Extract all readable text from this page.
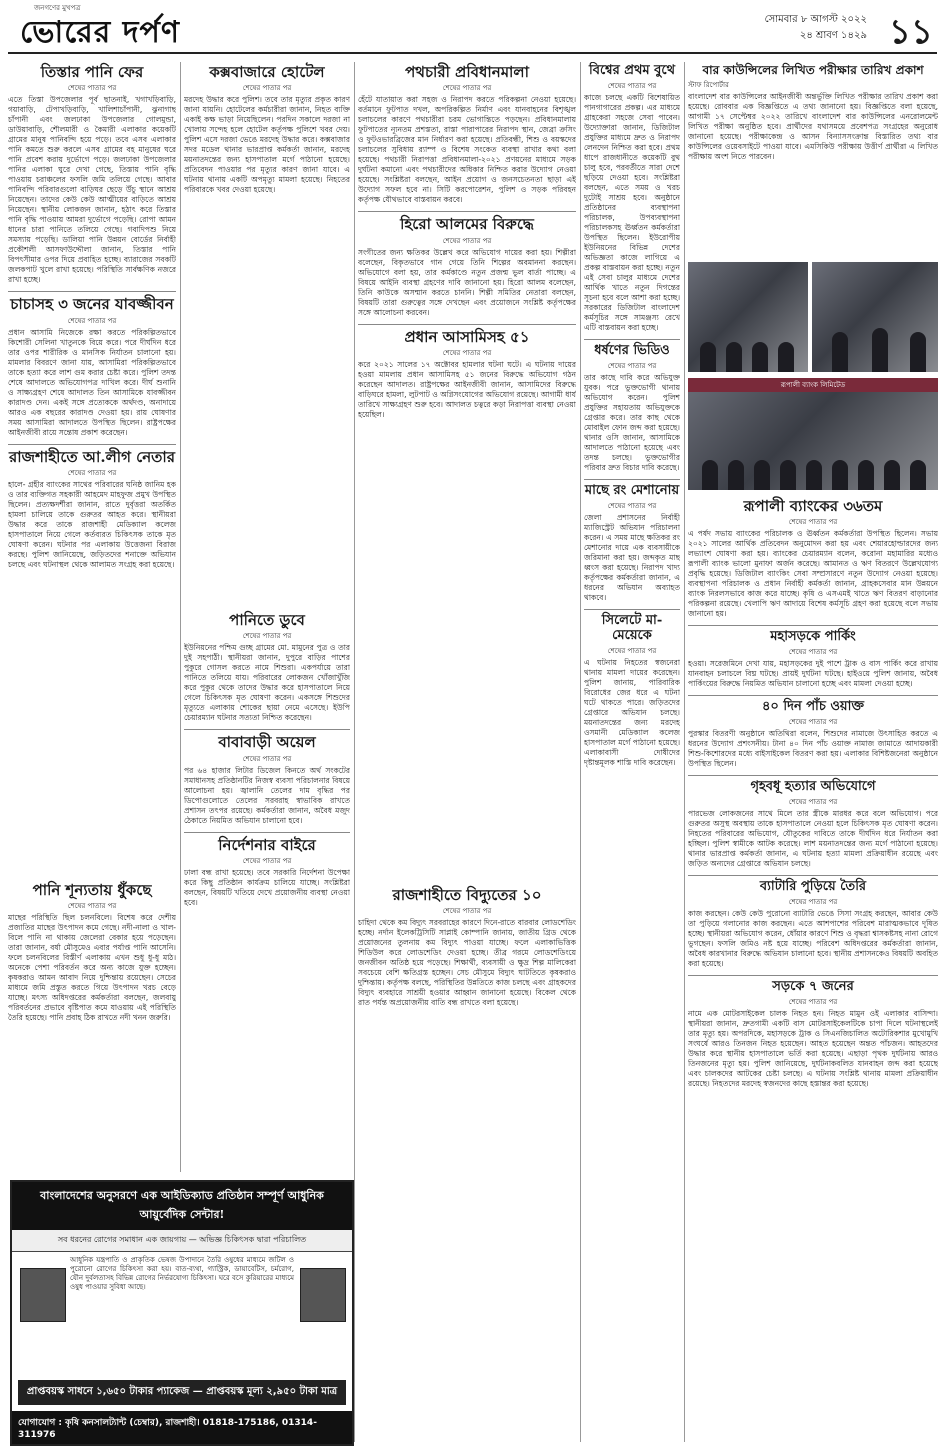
জনগণের মুখপত্র
ভোরের দর্পণ	সোমবার ৮ আগস্ট ২০২২
২৪ শ্রাবণ ১৪২৯ ১১
তিস্তার পানি ফের
শেষের পাতার পর
এতে তিস্তা উপজেলার পূর্ব ছাতনাই, খগাখড়িবাড়ি, গয়াবাড়ি, টেপাখড়িবাড়ি, খালিশাচাঁপানী, ঝুনাগাছ চাঁপানী এবং জলঢাকা উপজেলার গোলমুন্ডা, ডাউয়াবাড়ি, শৌলমারী ও কৈমারী এলাকার কয়েকটি গ্রামের মানুষ পানিবন্দি হয়ে পড়ে। তবে এসব এলাকার পানি কমতে শুরু করলে এসব গ্রামের বহ মানুষের ঘরে পানি প্রবেশ করায় দুর্ভোগে পড়ে। জলঢাকা উপজেলার পানির এলাকা ঘুরে দেখা গেছে, তিস্তায় পানি বৃদ্ধি পাওয়ায় চরাঞ্চলের ফসলি জমি তলিয়ে গেছে। আবার পানিবন্দি পরিবারগুলো বাড়িঘর ছেড়ে উঁচু স্থানে আশ্রয় নিয়েছেন। তাদের কেউ কেউ আত্মীয়ের বাড়িতে আশ্রয় নিয়েছেন। স্থানীয় লোকজন জানান, হঠাৎ করে তিস্তার পানি বৃদ্ধি পাওয়ায় আমরা দুর্ভোগে পড়েছি। রোপা আমন ধানের চারা পানিতে তলিয়ে গেছে। গবাদিপশু নিয়ে সমস্যায় পড়েছি। ডালিয়া পানি উন্নয়ন বোর্ডের নির্বাহী প্রকৌশলী আসফাউদ্দৌলা জানান, তিস্তার পানি বিপৎসীমার ওপর দিয়ে প্রবাহিত হচ্ছে। ব্যারাজের সবকটি জলকপাট খুলে রাখা হয়েছে। পরিস্থিতি সার্বক্ষণিক নজরে রাখা হচ্ছে।
চাচাসহ ৩ জনের যাবজ্জীবন
শেষের পাতার পর
প্রধান আসামি নিজেকে রক্ষা করতে পরিকল্পিতভাবে কিশোরী সেলিনা খাতুনকে বিয়ে করে। পরে দীর্ঘদিন ধরে তার ওপর শারীরিক ও মানসিক নির্যাতন চালানো হয়। মামলার বিবরণে জানা যায়, আসামিরা পরিকল্পিতভাবে তাকে হত্যা করে লাশ গুম করার চেষ্টা করে। পুলিশ তদন্ত শেষে আদালতে অভিযোগপত্র দাখিল করে। দীর্ঘ শুনানি ও সাক্ষ্যগ্রহণ শেষে আদালত তিন আসামিকে যাবজ্জীবন কারাদণ্ড দেন। একই সঙ্গে প্রত্যেককে অর্থদণ্ড, অনাদায়ে আরও এক বছরের কারাদণ্ড দেওয়া হয়। রায় ঘোষণার সময় আসামিরা আদালতে উপস্থিত ছিলেন। রাষ্ট্রপক্ষের আইনজীবী রায়ে সন্তোষ প্রকাশ করেছেন।
রাজশাহীতে আ.লীগ নেতার
শেষের পাতার পর
হালে- গ্রহীর ব্যাংকের সাথের পরিবারের ঘনিষ্ঠ জানিম হক ও তার ব্যক্তিগত সহকারী আহমেদ মাহফুজ প্রমুখ উপস্থিত ছিলেন। প্রত্যক্ষদর্শীরা জানান, রাতে দুর্বৃত্তরা অতর্কিত হামলা চালিয়ে তাকে গুরুতর আহত করে। স্থানীয়রা উদ্ধার করে তাকে রাজশাহী মেডিক্যাল কলেজ হাসপাতালে নিয়ে গেলে কর্তব্যরত চিকিৎসক তাকে মৃত ঘোষণা করেন। ঘটনার পর এলাকায় উত্তেজনা বিরাজ করছে। পুলিশ জানিয়েছে, জড়িতদের শনাক্তে অভিযান চলছে এবং ঘটনাস্থল থেকে আলামত সংগ্রহ করা হয়েছে।
কক্সবাজারে হোটেল
শেষের পাতার পর
মরদেহ উদ্ধার করে পুলিশ। তবে তার মৃত্যুর প্রকৃত কারণ জানা যায়নি। হোটেলের কর্মচারীরা জানান, নিহত ব্যক্তি একাই কক্ষ ভাড়া নিয়েছিলেন। পরদিন সকালে দরজা না খোলায় সন্দেহ হলে হোটেল কর্তৃপক্ষ পুলিশে খবর দেয়। পুলিশ এসে দরজা ভেঙে মরদেহ উদ্ধার করে। কক্সবাজার সদর মডেল থানার ভারপ্রাপ্ত কর্মকর্তা জানান, মরদেহ ময়নাতদন্তের জন্য হাসপাতাল মর্গে পাঠানো হয়েছে। প্রতিবেদন পাওয়ার পর মৃত্যুর কারণ জানা যাবে। এ ঘটনায় থানায় একটি অপমৃত্যু মামলা হয়েছে। নিহতের পরিবারকে খবর দেওয়া হয়েছে।
পানিতে ডুবে
শেষের পাতার পর
ইউনিয়নের পশ্চিম গুচ্ছ গ্রামের মো. মামুনের পুত্র ও তার দুই সহপাঠী। স্থানীয়রা জানান, দুপুরে বাড়ির পাশের পুকুরে গোসল করতে নামে শিশুরা। একপর্যায়ে তারা পানিতে তলিয়ে যায়। পরিবারের লোকজন খোঁজাখুঁজি করে পুকুর থেকে তাদের উদ্ধার করে হাসপাতালে নিয়ে গেলে চিকিৎসক মৃত ঘোষণা করেন। একসঙ্গে শিশুদের মৃত্যুতে এলাকায় শোকের ছায়া নেমে এসেছে। ইউপি চেয়ারম্যান ঘটনার সত্যতা নিশ্চিত করেছেন।
বাবাবাড়ী অয়েল
শেষের পাতার পর
পর ৬৪ হাজার লিটার ডিজেল কিনতে অর্থ সংকটের সমাধানসহ প্রতিষ্ঠানটির নিজস্ব ব্যবসা পরিচালনার বিষয়ে আলোচনা হয়। জ্বালানি তেলের দাম বৃদ্ধির পর ডিপোগুলোতে তেলের সরবরাহ স্বাভাবিক রাখতে প্রশাসন তৎপর রয়েছে। কর্মকর্তারা জানান, অবৈধ মজুদ ঠেকাতে নিয়মিত অভিযান চালানো হবে।
নির্দেশনার বাইরে
শেষের পাতার পর
ঢালা বন্ধ রাখা হয়েছে। তবে সরকারি নির্দেশনা উপেক্ষা করে কিছু প্রতিষ্ঠান কার্যক্রম চালিয়ে যাচ্ছে। সংশ্লিষ্টরা বলছেন, বিষয়টি খতিয়ে দেখে প্রয়োজনীয় ব্যবস্থা নেওয়া হবে।
পথচারী প্রবিধানমালা
শেষের পাতার পর
হেঁটে যাতায়াত করা সহজ ও নিরাপদ করতে পরিকল্পনা নেওয়া হয়েছে। বর্তমানে ফুটপাত দখল, অপরিকল্পিত নির্মাণ এবং যানবাহনের বিশৃঙ্খল চলাচলের কারণে পথচারীরা চরম ভোগান্তিতে পড়ছেন। প্রবিধানমালায় ফুটপাতের ন্যূনতম প্রশস্ততা, রাস্তা পারাপারের নিরাপদ স্থান, জেব্রা ক্রসিং ও ফুটওভারব্রিজের মান নির্ধারণ করা হয়েছে। প্রতিবন্ধী, শিশু ও বয়স্কদের চলাচলের সুবিধায় র‍্যাম্প ও বিশেষ সংকেত ব্যবস্থা রাখার কথা বলা হয়েছে। পথচারী নিরাপত্তা প্রবিধানমালা-২০২১ প্রণয়নের মাধ্যমে সড়ক দুর্ঘটনা কমানো এবং পথচারীদের অধিকার নিশ্চিত করার উদ্যোগ নেওয়া হয়েছে। সংশ্লিষ্টরা বলছেন, আইন প্রয়োগ ও জনসচেতনতা ছাড়া এই উদ্যোগ সফল হবে না। সিটি করপোরেশন, পুলিশ ও সড়ক পরিবহন কর্তৃপক্ষ যৌথভাবে বাস্তবায়ন করবে।
হিরো আলমের বিরুদ্ধে
শেষের পাতার পর
সংগীতের জন্য ক্ষতিকর উল্লেখ করে অভিযোগ দায়ের করা হয়। শিল্পীরা বলেছেন, বিকৃতভাবে গান গেয়ে তিনি শিল্পের অবমাননা করছেন। অভিযোগে বলা হয়, তার কর্মকাণ্ডে নতুন প্রজন্ম ভুল বার্তা পাচ্ছে। এ বিষয়ে আইনি ব্যবস্থা গ্রহণের দাবি জানানো হয়। হিরো আলম বলেছেন, তিনি কাউকে অসম্মান করতে চাননি। শিল্পী সমিতির নেতারা বলছেন, বিষয়টি তারা গুরুত্বের সঙ্গে দেখছেন এবং প্রয়োজনে সংশ্লিষ্ট কর্তৃপক্ষের সঙ্গে আলোচনা করবেন।
প্রধান আসামিসহ ৫১
শেষের পাতার পর
করে ২০২১ সালের ১৭ অক্টোবর হামলার ঘটনা ঘটে। এ ঘটনায় দায়ের হওয়া মামলায় প্রধান আসামিসহ ৫১ জনের বিরুদ্ধে অভিযোগ গঠন করেছেন আদালত। রাষ্ট্রপক্ষের আইনজীবী জানান, আসামিদের বিরুদ্ধে বাড়িঘরে হামলা, লুটপাট ও অগ্নিসংযোগের অভিযোগ রয়েছে। আগামী ধার্য তারিখে সাক্ষ্যগ্রহণ শুরু হবে। আদালত চত্বরে কড়া নিরাপত্তা ব্যবস্থা নেওয়া হয়েছিল।
রাজশাহীতে বিদ্যুতের ১০
শেষের পাতার পর
চাহিদা থেকে কম বিদ্যুৎ সরবরাহের কারণে দিনে-রাতে বারবার লোডশেডিং হচ্ছে। নর্দান ইলেকট্রিসিটি সাপ্লাই কোম্পানি জানায়, জাতীয় গ্রিড থেকে প্রয়োজনের তুলনায় কম বিদ্যুৎ পাওয়া যাচ্ছে। ফলে এলাকাভিত্তিক শিডিউল করে লোডশেডিং দেওয়া হচ্ছে। তীব্র গরমে লোডশেডিংয়ে জনজীবন অতিষ্ঠ হয়ে পড়েছে। শিক্ষার্থী, ব্যবসায়ী ও ক্ষুদ্র শিল্প মালিকেরা সবচেয়ে বেশি ক্ষতিগ্রস্ত হচ্ছেন। সেচ মৌসুমে বিদ্যুৎ ঘাটতিতে কৃষকরাও দুশ্চিন্তায়। কর্তৃপক্ষ বলছে, পরিস্থিতির উন্নতিতে কাজ চলছে এবং গ্রাহকদের বিদ্যুৎ ব্যবহারে সাশ্রয়ী হওয়ার আহ্বান জানানো হয়েছে। বিকেল থেকে রাত পর্যন্ত অপ্রয়োজনীয় বাতি বন্ধ রাখতে বলা হয়েছে।
বিশ্বের প্রথম বুথে
শেষের পাতার পর
কাজে চলছে একটি বিশেষায়িত পানগাগারের প্রকল্প। এর মাধ্যমে গ্রাহকেরা সহজে সেবা পাবেন। উদ্যোক্তারা জানান, ডিজিটাল প্রযুক্তির মাধ্যমে দ্রুত ও নিরাপদ লেনদেন নিশ্চিত করা হবে। প্রথম ধাপে রাজধানীতে কয়েকটি বুথ চালু হবে, পরবর্তীতে সারা দেশে ছড়িয়ে দেওয়া হবে। সংশ্লিষ্টরা বলছেন, এতে সময় ও খরচ দুটোই সাশ্রয় হবে। অনুষ্ঠানে প্রতিষ্ঠানের ব্যবস্থাপনা পরিচালক, উপব্যবস্থাপনা পরিচালকসহ ঊর্ধ্বতন কর্মকর্তারা উপস্থিত ছিলেন। ইউরোপীয় ইউনিয়নের বিভিন্ন দেশের অভিজ্ঞতা কাজে লাগিয়ে এ প্রকল্প বাস্তবায়ন করা হচ্ছে। নতুন এই সেবা চালুর মাধ্যমে দেশের আর্থিক খাতে নতুন দিগন্তের সূচনা হবে বলে আশা করা হচ্ছে। সরকারের ডিজিটাল বাংলাদেশ কর্মসূচির সঙ্গে সামঞ্জস্য রেখে এটি বাস্তবায়ন করা হচ্ছে।
ধর্ষণের ভিডিও
শেষের পাতার পর
তার কাছে দাবি করে অভিযুক্ত যুবক। পরে ভুক্তভোগী থানায় অভিযোগ করেন। পুলিশ প্রযুক্তির সহায়তায় অভিযুক্তকে গ্রেপ্তার করে। তার কাছ থেকে মোবাইল ফোন জব্দ করা হয়েছে। থানার ওসি জানান, আসামিকে আদালতে পাঠানো হয়েছে এবং তদন্ত চলছে। ভুক্তভোগীর পরিবার দ্রুত বিচার দাবি করেছে।
মাছে রং মেশানোয়
শেষের পাতার পর
জেলা প্রশাসনের নির্বাহী ম্যাজিস্ট্রেট অভিযান পরিচালনা করেন। এ সময় মাছে ক্ষতিকর রং মেশানোর দায়ে এক ব্যবসায়ীকে জরিমানা করা হয়। জব্দকৃত মাছ ধ্বংস করা হয়েছে। নিরাপদ খাদ্য কর্তৃপক্ষের কর্মকর্তারা জানান, এ ধরনের অভিযান অব্যাহত থাকবে।
সিলেটে মা-মেয়েকে
শেষের পাতার পর
এ ঘটনায় নিহতের স্বজনেরা থানায় মামলা দায়ের করেছেন। পুলিশ জানায়, পারিবারিক বিরোধের জের ধরে এ ঘটনা ঘটে থাকতে পারে। জড়িতদের গ্রেপ্তারে অভিযান চলছে। ময়নাতদন্তের জন্য মরদেহ ওসমানী মেডিক্যাল কলেজ হাসপাতাল মর্গে পাঠানো হয়েছে। এলাকাবাসী দোষীদের দৃষ্টান্তমূলক শাস্তি দাবি করেছেন।
বার কাউন্সিলের লিখিত পরীক্ষার তারিখ প্রকাশ
স্টাফ রিপোর্টার
বাংলাদেশ বার কাউন্সিলের আইনজীবী অন্তর্ভুক্তি লিখিত পরীক্ষার তারিখ প্রকাশ করা হয়েছে। রোববার এক বিজ্ঞপ্তিতে এ তথ্য জানানো হয়। বিজ্ঞপ্তিতে বলা হয়েছে, আগামী ১৭ সেপ্টেম্বর ২০২২ তারিখে বাংলাদেশ বার কাউন্সিলের এনরোলমেন্ট লিখিত পরীক্ষা অনুষ্ঠিত হবে। প্রার্থীদের যথাসময়ে প্রবেশপত্র সংগ্রহের অনুরোধ জানানো হয়েছে। পরীক্ষাকেন্দ্র ও আসন বিন্যাসসংক্রান্ত বিস্তারিত তথ্য বার কাউন্সিলের ওয়েবসাইটে পাওয়া যাবে। এমসিকিউ পরীক্ষায় উত্তীর্ণ প্রার্থীরা এ লিখিত পরীক্ষায় অংশ নিতে পারবেন।
রূপালী ব্যাংক লিমিটেড
রূপালী ব্যাংকের ৩৬তম
শেষের পাতার পর
এ পর্ষদ সভায় ব্যাংকের পরিচালক ও ঊর্ধ্বতন কর্মকর্তারা উপস্থিত ছিলেন। সভায় ২০২১ সালের আর্থিক প্রতিবেদন অনুমোদন করা হয় এবং শেয়ারহোল্ডারদের জন্য লভ্যাংশ ঘোষণা করা হয়। ব্যাংকের চেয়ারম্যান বলেন, করোনা মহামারির মধ্যেও রূপালী ব্যাংক ভালো মুনাফা অর্জন করেছে। আমানত ও ঋণ বিতরণে উল্লেখযোগ্য প্রবৃদ্ধি হয়েছে। ডিজিটাল ব্যাংকিং সেবা সম্প্রসারণে নতুন উদ্যোগ নেওয়া হয়েছে। ব্যবস্থাপনা পরিচালক ও প্রধান নির্বাহী কর্মকর্তা জানান, গ্রাহকসেবার মান উন্নয়নে ব্যাংক নিরলসভাবে কাজ করে যাচ্ছে। কৃষি ও এসএমই খাতে ঋণ বিতরণ বাড়ানোর পরিকল্পনা রয়েছে। খেলাপি ঋণ আদায়ে বিশেষ কর্মসূচি গ্রহণ করা হয়েছে বলে সভায় জানানো হয়।
মহাসড়কে পার্কিং
শেষের পাতার পর
হওয়া। সরেজমিনে দেখা যায়, মহাসড়কের দুই পাশে ট্রাক ও বাস পার্কিং করে রাখায় যানবাহন চলাচলে বিঘ্ন ঘটছে। প্রায়ই দুর্ঘটনা ঘটছে। হাইওয়ে পুলিশ জানায়, অবৈধ পার্কিংয়ের বিরুদ্ধে নিয়মিত অভিযান চালানো হচ্ছে এবং মামলা দেওয়া হচ্ছে।
৪০ দিন পাঁচ ওয়াক্ত
শেষের পাতার পর
পুরস্কার বিতরণী অনুষ্ঠানে অতিথিরা বলেন, শিশুদের নামাজে উৎসাহিত করতে এ ধরনের উদ্যোগ প্রশংসনীয়। টানা ৪০ দিন পাঁচ ওয়াক্ত নামাজ জামাতে আদায়কারী শিশু-কিশোরদের মধ্যে বাইসাইকেল বিতরণ করা হয়। এলাকার বিশিষ্টজনেরা অনুষ্ঠানে উপস্থিত ছিলেন।
গৃহবধূ হত্যার অভিযোগে
শেষের পাতার পর
পারভেজ লোকজনের সাথে মিলে তার স্ত্রীকে মারধর করে বলে অভিযোগ। পরে গুরুতর অসুস্থ অবস্থায় তাকে হাসপাতালে নেওয়া হলে চিকিৎসক মৃত ঘোষণা করেন। নিহতের পরিবারের অভিযোগ, যৌতুকের দাবিতে তাকে দীর্ঘদিন ধরে নির্যাতন করা হচ্ছিল। পুলিশ স্বামীকে আটক করেছে। লাশ ময়নাতদন্তের জন্য মর্গে পাঠানো হয়েছে। থানার ভারপ্রাপ্ত কর্মকর্তা জানান, এ ঘটনায় হত্যা মামলা প্রক্রিয়াধীন রয়েছে এবং জড়িত অন্যদের গ্রেপ্তারে অভিযান চলছে।
ব্যাটারি পুড়িয়ে তৈরি
শেষের পাতার পর
কাজ করছেন। কেউ কেউ পুরোনো ব্যাটারি ভেঙে সিসা সংগ্রহ করছেন, আবার কেউ তা পুড়িয়ে গলানোর কাজ করছেন। এতে আশপাশের পরিবেশ মারাত্মকভাবে দূষিত হচ্ছে। স্থানীয়রা অভিযোগ করেন, ধোঁয়ার কারণে শিশু ও বৃদ্ধরা শ্বাসকষ্টসহ নানা রোগে ভুগছেন। ফসলি জমিও নষ্ট হয়ে যাচ্ছে। পরিবেশ অধিদপ্তরের কর্মকর্তারা জানান, অবৈধ কারখানার বিরুদ্ধে অভিযান চালানো হবে। স্থানীয় প্রশাসনকেও বিষয়টি অবহিত করা হয়েছে।
সড়কে ৭ জনের
শেষের পাতার পর
নামে এক মোটরসাইকেল চালক নিহত হন। নিহত মামুন ওই এলাকার বাসিন্দা। স্থানীয়রা জানান, দ্রুতগামী একটি বাস মোটরসাইকেলটিকে চাপা দিলে ঘটনাস্থলেই তার মৃত্যু হয়। অপরদিকে, মহাসড়কে ট্রাক ও সিএনজিচালিত অটোরিকশার মুখোমুখি সংঘর্ষে আরও তিনজন নিহত হয়েছেন। আহত হয়েছেন অন্তত পাঁচজন। আহতদের উদ্ধার করে স্থানীয় হাসপাতালে ভর্তি করা হয়েছে। এছাড়া পৃথক দুর্ঘটনায় আরও তিনজনের মৃত্যু হয়। পুলিশ জানিয়েছে, দুর্ঘটনাকবলিত যানবাহন জব্দ করা হয়েছে এবং চালকদের আটকের চেষ্টা চলছে। এ ঘটনায় সংশ্লিষ্ট থানায় মামলা প্রক্রিয়াধীন রয়েছে। নিহতদের মরদেহ স্বজনদের কাছে হস্তান্তর করা হয়েছে।
পানি শূন্যতায় ধুঁকছে
শেষের পাতার পর
মাছের পরিস্থিতি ছিল চলনবিলে। বিশেষ করে দেশীয় প্রজাতির মাছের উৎপাদন কমে গেছে। নদী-নালা ও খাল-বিলে পানি না থাকায় জেলেরা বেকার হয়ে পড়েছেন। তারা জানান, বর্ষা মৌসুমেও এবার পর্যাপ্ত পানি আসেনি। ফলে চলনবিলের বিস্তীর্ণ এলাকায় এখন শুধু ধু-ধু মাঠ। অনেকে পেশা পরিবর্তন করে অন্য কাজে যুক্ত হচ্ছেন। কৃষকরাও আমন আবাদ নিয়ে দুশ্চিন্তায় রয়েছেন। সেচের মাধ্যমে জমি প্রস্তুত করতে গিয়ে উৎপাদন খরচ বেড়ে যাচ্ছে। মৎস্য অধিদপ্তরের কর্মকর্তারা বলছেন, জলবায়ু পরিবর্তনের প্রভাবে বৃষ্টিপাত কমে যাওয়ায় এই পরিস্থিতি তৈরি হয়েছে। পানি প্রবাহ ঠিক রাখতে নদী খনন জরুরি।
বাংলাদেশের অনুসরণে এক আইডিক্যাড প্রতিষ্ঠান সম্পূর্ণ আধুনিক আয়ুর্বেদিক সেন্টার!
সব ধরনের রোগের সমাধান এক জায়গায় — অভিজ্ঞ চিকিৎসক দ্বারা পরিচালিত
আধুনিক যন্ত্রপাতি ও প্রাকৃতিক ভেষজ উপাদানে তৈরি ওষুধের মাধ্যমে জটিল ও পুরোনো রোগের চিকিৎসা করা হয়। বাত-ব্যথা, গ্যাস্ট্রিক, ডায়াবেটিস, চর্মরোগ, যৌন দুর্বলতাসহ বিভিন্ন রোগের নির্ভরযোগ্য চিকিৎসা। ঘরে বসে কুরিয়ারের মাধ্যমে ওষুধ পাওয়ার সুবিধা আছে।
প্রাপ্তবয়স্ক সাধনে ১,৬৫০ টাকার প্যাকেজ — প্রাপ্তবয়স্ক মূল্য ২,৯৫০ টাকা মাত্র
যোগাযোগ : কৃষি কনসালট্যান্ট (চেম্বার), রাজশাহী। 01818-175186, 01314-311976
